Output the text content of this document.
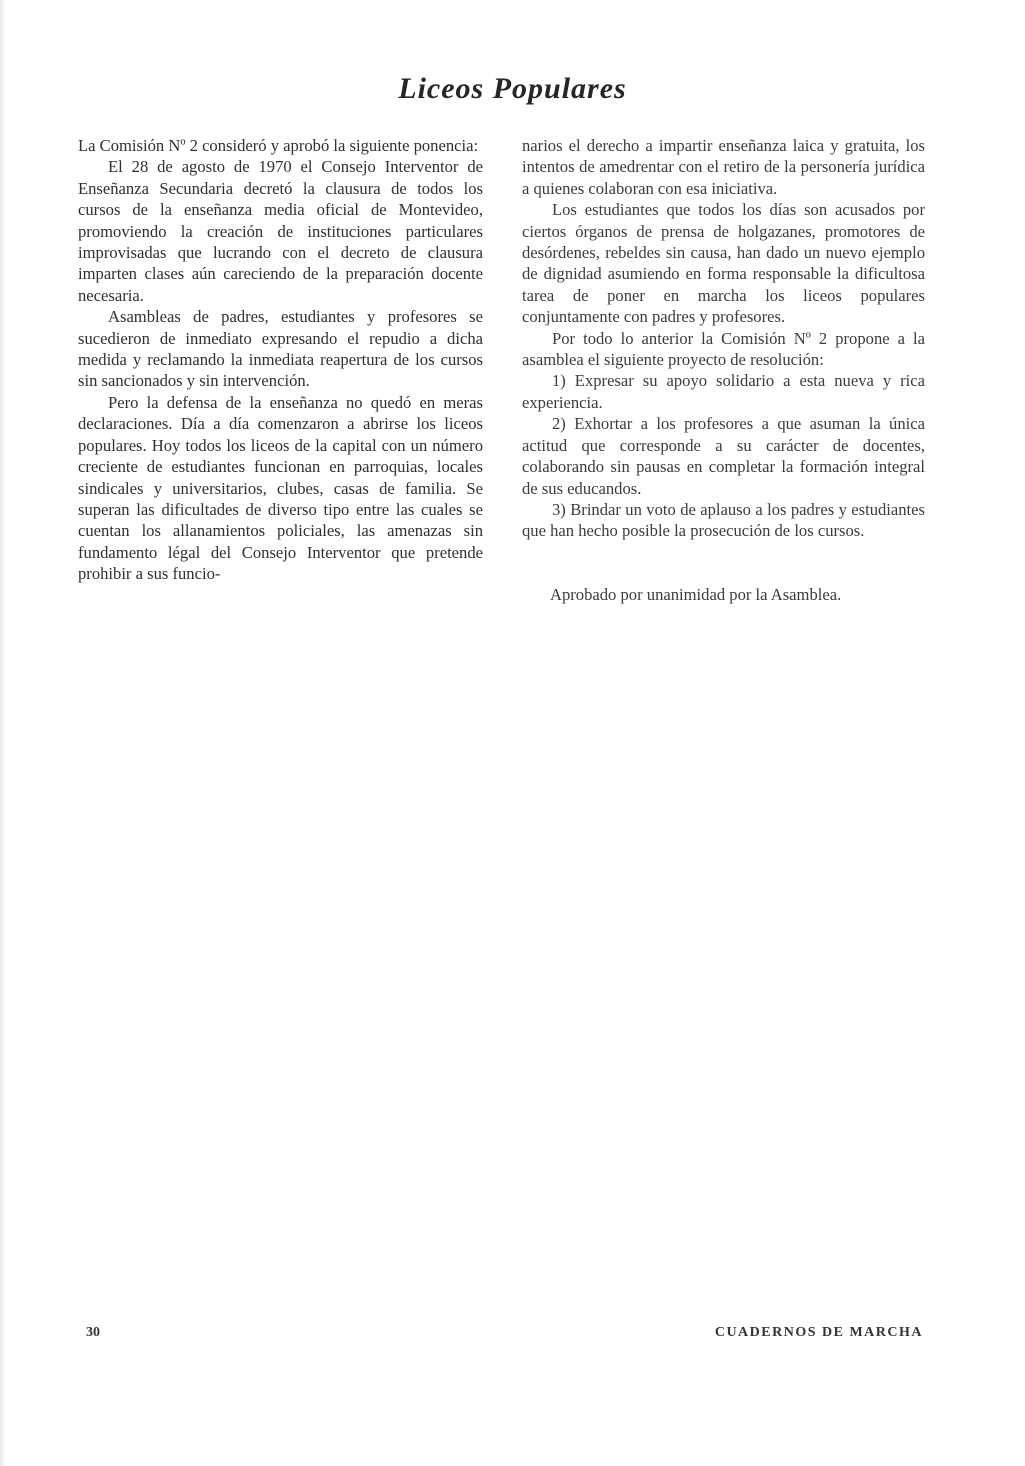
Liceos Populares

La Comisión Nº 2 consideró y aprobó la siguiente ponencia:

El 28 de agosto de 1970 el Consejo Interventor de Enseñanza Secundaria decretó la clausura de todos los cursos de la enseñanza media oficial de Montevideo, promoviendo la creación de instituciones particulares improvisadas que lucrando con el decreto de clausura imparten clases aún careciendo de la preparación docente necesaria.

Asambleas de padres, estudiantes y profesores se sucedieron de inmediato expresando el repudio a dicha medida y reclamando la inmediata reapertura de los cursos sin sancionados y sin intervención.

Pero la defensa de la enseñanza no quedó en meras declaraciones. Día a día comenzaron a abrirse los liceos populares. Hoy todos los liceos de la capital con un número creciente de estudiantes funcionan en parroquias, locales sindicales y universitarios, clubes, casas de familia. Se superan las dificultades de diverso tipo entre las cuales se cuentan los allanamientos policiales, las amenazas sin fundamento légal del Consejo Interventor que pretende prohibir a sus funcio-

narios el derecho a impartir enseñanza laica y gratuita, los intentos de amedrentar con el retiro de la personería jurídica a quienes colaboran con esa iniciativa.

Los estudiantes que todos los días son acusados por ciertos órganos de prensa de holgazanes, promotores de desórdenes, rebeldes sin causa, han dado un nuevo ejemplo de dignidad asumiendo en forma responsable la dificultosa tarea de poner en marcha los liceos populares conjuntamente con padres y profesores.

Por todo lo anterior la Comisión Nº 2 propone a la asamblea el siguiente proyecto de resolución:

1) Expresar su apoyo solidario a esta nueva y rica experiencia.

2) Exhortar a los profesores a que asuman la única actitud que corresponde a su carácter de docentes, colaborando sin pausas en completar la formación integral de sus educandos.

3) Brindar un voto de aplauso a los padres y estudiantes que han hecho posible la prosecución de los cursos.

Aprobado por unanimidad por la Asamblea.

30	CUADERNOS DE MARCHA
